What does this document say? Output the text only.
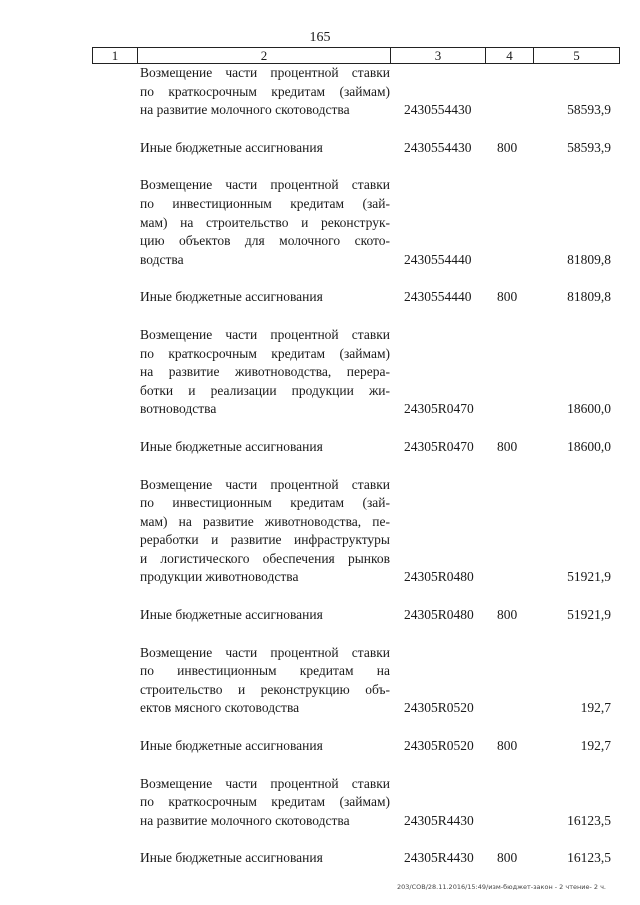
165
1	2	3	4	5
Возмещение части процентной ставки
по краткосрочным кредитам (займам)
на развитие молочного скотоводства	2430554430	58593,9
Иные бюджетные ассигнования	2430554430 800	58593,9
Возмещение части процентной ставки
по инвестиционным кредитам (зай-
мам) на строительство и реконструк-
цию объектов для молочного ското-
водства	2430554440	81809,8
Иные бюджетные ассигнования	2430554440 800	81809,8
Возмещение части процентной ставки
по краткосрочным кредитам (займам)
на развитие животноводства, перера-
ботки и реализации продукции жи-
вотноводства	24305R0470	18600,0
Иные бюджетные ассигнования	24305R0470 800	18600,0
Возмещение части процентной ставки
по инвестиционным кредитам (зай-
мам) на развитие животноводства, пе-
реработки и развитие инфраструктуры
и логистического обеспечения рынков
продукции животноводства	24305R0480	51921,9
Иные бюджетные ассигнования	24305R0480 800	51921,9
Возмещение части процентной ставки
по инвестиционным кредитам на
строительство и реконструкцию объ-
ектов мясного скотоводства	24305R0520	192,7
Иные бюджетные ассигнования	24305R0520 800	192,7
Возмещение части процентной ставки
по краткосрочным кредитам (займам)
на развитие молочного скотоводства	24305R4430	16123,5
Иные бюджетные ассигнования	24305R4430 800	16123,5
203/СОВ/28.11.2016/15:49/изм-бюджет-закон - 2 чтение- 2 ч.
